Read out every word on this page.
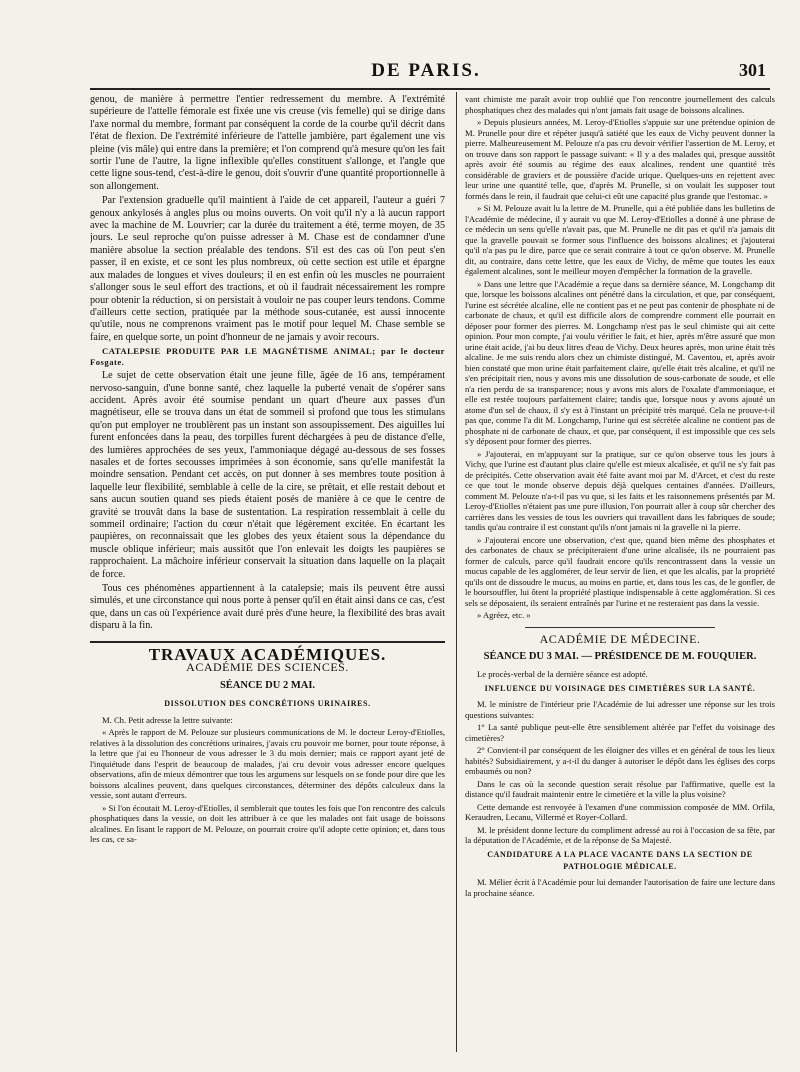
DE PARIS.	301

genou, de manière à permettre l'entier redressement du membre. A l'extrémité supérieure de l'attelle fémorale est fixée une vis creuse (vis femelle) qui se dirige dans l'axe normal du membre, formant par conséquent la corde de la courbe qu'il décrit dans l'état de flexion. De l'extrémité inférieure de l'attelle jambière, part également une vis pleine (vis mâle) qui entre dans la première; et l'on comprend qu'à mesure qu'on les fait sortir l'une de l'autre, la ligne inflexible qu'elles constituent s'allonge, et l'angle que cette ligne sous-tend, c'est-à-dire le genou, doit s'ouvrir d'une quantité proportionnelle à son allongement.

Par l'extension graduelle qu'il maintient à l'aide de cet appareil, l'auteur a guéri 7 genoux ankylosés à angles plus ou moins ouverts. On voit qu'il n'y a là aucun rapport avec la machine de M. Louvrier; car la durée du traitement a été, terme moyen, de 35 jours. Le seul reproche qu'on puisse adresser à M. Chase est de condamner d'une manière absolue la section préalable des tendons. S'il est des cas où l'on peut s'en passer, il en existe, et ce sont les plus nombreux, où cette section est utile et épargne aux malades de longues et vives douleurs; il en est enfin où les muscles ne pourraient s'allonger sous le seul effort des tractions, et où il faudrait nécessairement les rompre pour obtenir la réduction, si on persistait à vouloir ne pas couper leurs tendons. Comme d'ailleurs cette section, pratiquée par la méthode sous-cutanée, est aussi innocente qu'utile, nous ne comprenons vraiment pas le motif pour lequel M. Chase semble se faire, en quelque sorte, un point d'honneur de ne jamais y avoir recours.

CATALEPSIE PRODUITE PAR LE MAGNÉTISME ANIMAL; par le docteur Fosgate.

Le sujet de cette observation était une jeune fille, âgée de 16 ans, tempérament nervoso-sanguin, d'une bonne santé, chez laquelle la puberté venait de s'opérer sans accident. Après avoir été soumise pendant un quart d'heure aux passes d'un magnétiseur, elle se trouva dans un état de sommeil si profond que tous les stimulans qu'on put employer ne troublèrent pas un instant son assoupissement. Des aiguilles lui furent enfoncées dans la peau, des torpilles furent déchargées à peu de distance d'elle, des lumières approchées de ses yeux, l'ammoniaque dégagé au-dessous de ses fosses nasales et de fortes secousses imprimées à son économie, sans qu'elle manifestât la moindre sensation. Pendant cet accès, on put donner à ses membres toute position à laquelle leur flexibilité, semblable à celle de la cire, se prêtait, et elle restait debout et sans aucun soutien quand ses pieds étaient posés de manière à ce que le centre de gravité se trouvât dans la base de sustentation. La respiration ressemblait à celle du sommeil ordinaire; l'action du cœur n'était que légèrement excitée. En écartant les paupières, on reconnaissait que les globes des yeux étaient sous la dépendance du muscle oblique inférieur; mais aussitôt que l'on enlevait les doigts les paupières se rapprochaient. La mâchoire inférieur conservait la situation dans laquelle on la plaçait de force.

Tous ces phénomènes appartiennent à la catalepsie; mais ils peuvent être aussi simulés, et une circonstance qui nous porte à penser qu'il en était ainsi dans ce cas, c'est que, dans un cas où l'expérience avait duré près d'une heure, la flexibilité des bras avait disparu à la fin.

TRAVAUX ACADÉMIQUES.
ACADÉMIE DES SCIENCES.
SÉANCE DU 2 MAI.
DISSOLUTION DES CONCRÉTIONS URINAIRES.

M. Ch. Petit adresse la lettre suivante:

« Après le rapport de M. Pelouze sur plusieurs communications de M. le docteur Leroy-d'Etiolles, relatives à la dissolution des concrétions urinaires, j'avais cru pouvoir me borner, pour toute réponse, à la lettre que j'ai eu l'honneur de vous adresser le 3 du mois dernier; mais ce rapport ayant jeté de l'inquiétude dans l'esprit de beaucoup de malades, j'ai cru devoir vous adresser encore quelques observations, afin de mieux démontrer que tous les argumens sur lesquels on se fonde pour dire que les boissons alcalines peuvent, dans quelques circonstances, déterminer des dépôts calculeux dans la vessie, sont autant d'erreurs.

» Si l'on écoutait M. Leroy-d'Etiolles, il semblerait que toutes les fois que l'on rencontre des calculs phosphatiques dans la vessie, on doit les attribuer à ce que les malades ont fait usage de boissons alcalines. En lisant le rapport de M. Pelouze, on pourrait croire qu'il adopte cette opinion; et, dans tous les cas, ce sa-

vant chimiste me paraît avoir trop oublié que l'on rencontre journellement des calculs phosphatiques chez des malades qui n'ont jamais fait usage de boissons alcalines.

» Depuis plusieurs années, M. Leroy-d'Etiolles s'appuie sur une prétendue opinion de M. Prunelle pour dire et répéter jusqu'à satiété que les eaux de Vichy peuvent donner la pierre. Malheureusement M. Pelouze n'a pas cru devoir vérifier l'assertion de M. Leroy, et on trouve dans son rapport le passage suivant: « Il y a des malades qui, presque aussitôt après avoir été soumis au régime des eaux alcalines, rendent une quantité très considérable de graviers et de poussière d'acide urique. Quelques-uns en rejettent avec leur urine une quantité telle, que, d'après M. Prunelle, si on voulait les supposer tout formés dans le rein, il faudrait que celui-ci eût une capacité plus grande que l'estomac. »

» Si M. Pelouze avait lu la lettre de M. Prunelle, qui a été publiée dans les bulletins de l'Académie de médecine, il y aurait vu que M. Leroy-d'Etiolles a donné à une phrase de ce médecin un sens qu'elle n'avait pas, que M. Prunelle ne dit pas et qu'il n'a jamais dit que la gravelle pouvait se former sous l'influence des boissons alcalines; et j'ajouterai qu'il n'a pas pu le dire, parce que ce serait contraire à tout ce qu'on observe. M. Prunelle dit, au contraire, dans cette lettre, que les eaux de Vichy, de même que toutes les eaux également alcalines, sont le meilleur moyen d'empêcher la formation de la gravelle.

» Dans une lettre que l'Académie a reçue dans sa dernière séance, M. Longchamp dit que, lorsque les boissons alcalines ont pénétré dans la circulation, et que, par conséquent, l'urine est sécrétée alcaline, elle ne contient pas et ne peut pas contenir de phosphate ni de carbonate de chaux, et qu'il est difficile alors de comprendre comment elle pourrait en déposer pour former des pierres. M. Longchamp n'est pas le seul chimiste qui ait cette opinion. Pour mon compte, j'ai voulu vérifier le fait, et hier, après m'être assuré que mon urine était acide, j'ai bu deux litres d'eau de Vichy. Deux heures après, mon urine était très alcaline. Je me suis rendu alors chez un chimiste distingué, M. Caventou, et, après avoir bien constaté que mon urine était parfaitement claire, qu'elle était très alcaline, et qu'il ne s'en précipitait rien, nous y avons mis une dissolution de sous-carbonate de soude, et elle n'a rien perdu de sa transparence; nous y avons mis alors de l'oxalate d'ammoniaque, et elle est restée toujours parfaitement claire; tandis que, lorsque nous y avons ajouté un atome d'un sel de chaux, il s'y est à l'instant un précipité très marqué. Cela ne prouve-t-il pas que, comme l'a dit M. Longchamp, l'urine qui est sécrétée alcaline ne contient pas de phosphate ni de carbonate de chaux, et que, par conséquent, il est impossible que ces sels s'y déposent pour former des pierres.

» J'ajouterai, en m'appuyant sur la pratique, sur ce qu'on observe tous les jours à Vichy, que l'urine est d'autant plus claire qu'elle est mieux alcalisée, et qu'il ne s'y fait pas de précipités. Cette observation avait été faite avant moi par M. d'Arcet, et c'est du reste ce que tout le monde observe depuis déjà quelques centaines d'années. D'ailleurs, comment M. Pelouze n'a-t-il pas vu que, si les faits et les raisonnemens présentés par M. Leroy-d'Etiolles n'étaient pas une pure illusion, l'on pourrait aller à coup sûr chercher des carrières dans les vessies de tous les ouvriers qui travaillent dans les fabriques de soude; tandis qu'au contraire il est constant qu'ils n'ont jamais ni la gravelle ni la pierre.

» J'ajouterai encore une observation, c'est que, quand bien même des phosphates et des carbonates de chaux se précipiteraient d'une urine alcalisée, ils ne pourraient pas former de calculs, parce qu'il faudrait encore qu'ils rencontrassent dans la vessie un mucus capable de les agglomérer, de leur servir de lien, et que les alcalis, par la propriété qu'ils ont de dissoudre le mucus, au moins en partie, et, dans tous les cas, de le gonfler, de le boursouffler, lui ôtent la propriété plastique indispensable à cette agglomération. Si ces sels se déposaient, ils seraient entraînés par l'urine et ne resteraient pas dans la vessie.

» Agréez, etc. »

ACADÉMIE DE MÉDECINE.
SÉANCE DU 3 MAI. — PRÉSIDENCE DE M. FOUQUIER.

Le procès-verbal de la dernière séance est adopté.

INFLUENCE DU VOISINAGE DES CIMETIÈRES SUR LA SANTÉ.

M. le ministre de l'intérieur prie l'Académie de lui adresser une réponse sur les trois questions suivantes:

1° La santé publique peut-elle être sensiblement altérée par l'effet du voisinage des cimetières?

2° Convient-il par conséquent de les éloigner des villes et en général de tous les lieux habités? Subsidiairement, y a-t-il du danger à autoriser le dépôt dans les églises des corps embaumés ou non?

Dans le cas où la seconde question serait résolue par l'affirmative, quelle est la distance qu'il faudrait maintenir entre le cimetière et la ville la plus voisine?

Cette demande est renvoyée à l'examen d'une commission composée de MM. Orfila, Keraudren, Lecanu, Villermé et Royer-Collard.

M. le président donne lecture du compliment adressé au roi à l'occasion de sa fête, par la députation de l'Académie, et de la réponse de Sa Majesté.

CANDIDATURE A LA PLACE VACANTE DANS LA SECTION DE PATHOLOGIE MÉDICALE.

M. Mélier écrit à l'Académie pour lui demander l'autorisation de faire une lecture dans la prochaine séance.
